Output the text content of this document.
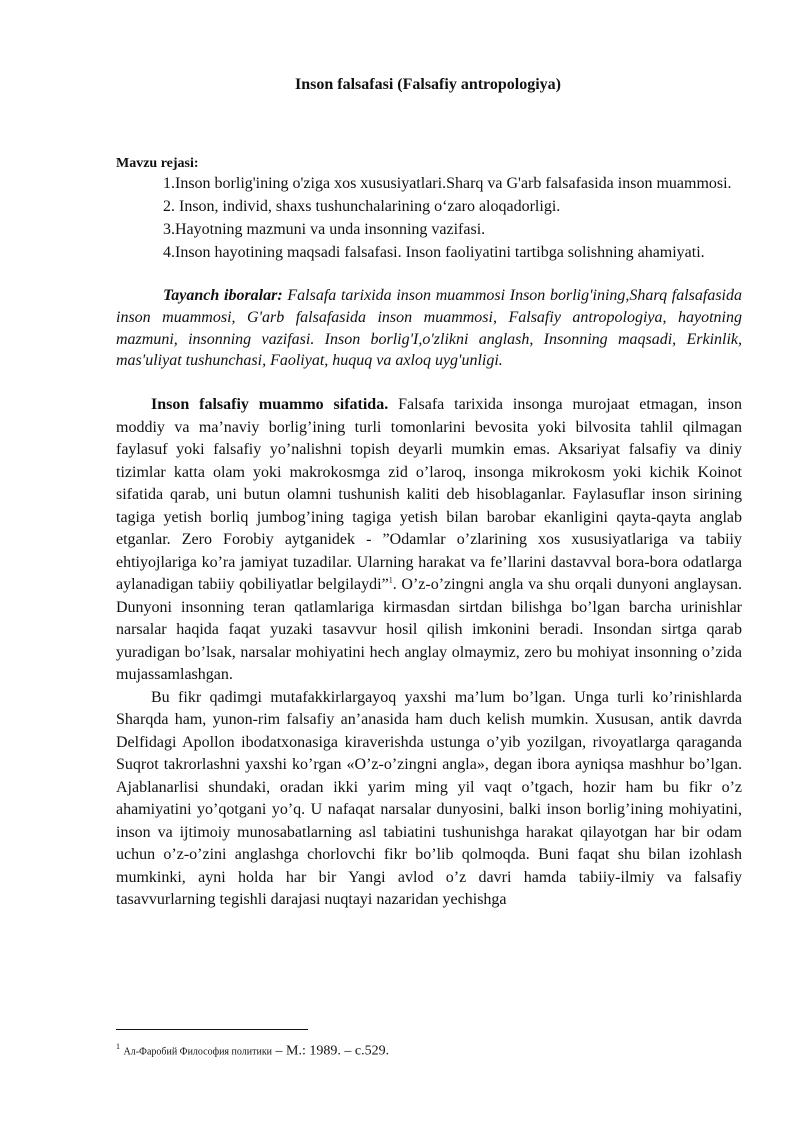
Inson falsafasi (Falsafiy antropologiya)
Mavzu rejasi:

1.Inson borlig'ining o'ziga xos xususiyatlari.Sharq va G'arb falsafasida inson muammosi.

2. Inson, individ, shaxs tushunchalarining o‘zaro aloqadorligi.

3.Hayotning mazmuni va unda insonning vazifasi.

4.Inson hayotining maqsadi falsafasi. Inson faoliyatini tartibga solishning ahamiyati.

Tayanch iboralar: Falsafa tarixida inson muammosi Inson borlig'ining,Sharq falsafasida inson muammosi, G'arb falsafasida inson muammosi, Falsafiy antropologiya, hayotning mazmuni, insonning vazifasi. Inson borlig'I,o'zlikni anglash, Insonning maqsadi, Erkinlik, mas'uliyat tushunchasi, Faoliyat, huquq va axloq uyg'unligi.

Inson falsafiy muammo sifatida. Falsafa tarixida insonga murojaat etmagan, inson moddiy va ma’naviy borlig’ining turli tomonlarini bevosita yoki bilvosita tahlil qilmagan faylasuf yoki falsafiy yo’nalishni topish deyarli mumkin emas. Aksariyat falsafiy va diniy tizimlar katta olam yoki makrokosmga zid o’laroq, insonga mikrokosm yoki kichik Koinot sifatida qarab, uni butun olamni tushunish kaliti deb hisoblaganlar. Faylasuflar inson sirining tagiga yetish borliq jumbog’ining tagiga yetish bilan barobar ekanligini qayta-qayta anglab etganlar. Zero Forobiy aytganidek - ”Odamlar o’zlarining xos xususiyatlariga va tabiiy ehtiyojlariga ko’ra jamiyat tuzadilar. Ularning harakat va fe’llarini dastavval bora-bora odatlarga aylanadigan tabiiy qobiliyatlar belgilaydi”$^1$. O’z-o’zingni angla va shu orqali dunyoni anglaysan. Dunyoni insonning teran qatlamlariga kirmasdan sirtdan bilishga bo’lgan barcha urinishlar narsalar haqida faqat yuzaki tasavvur hosil qilish imkonini beradi. Insondan sirtga qarab yuradigan bo’lsak, narsalar mohiyatini hech anglay olmaymiz, zero bu mohiyat insonning o’zida mujassamlashgan.

Bu fikr qadimgi mutafakkirlargayoq yaxshi ma’lum bo’lgan. Unga turli ko’rinishlarda Sharqda ham, yunon-rim falsafiy an’anasida ham duch kelish mumkin. Xususan, antik davrda Delfidagi Apollon ibodatxonasiga kiraverishda ustunga o’yib yozilgan, rivoyatlarga qaraganda Suqrot takrorlashni yaxshi ko’rgan «O’z-o’zingni angla», degan ibora ayniqsa mashhur bo’lgan. Ajablanarlisi shundaki, oradan ikki yarim ming yil vaqt o’tgach, hozir ham bu fikr o’z ahamiyatini yo’qotgani yo’q. U nafaqat narsalar dunyosini, balki inson borlig’ining mohiyatini, inson va ijtimoiy munosabatlarning asl tabiatini tushunishga harakat qilayotgan har bir odam uchun o’z-o’zini anglashga chorlovchi fikr bo’lib qolmoqda. Buni faqat shu bilan izohlash mumkinki, ayni holda har bir Yangi avlod o’z davri hamda tabiiy-ilmiy va falsafiy tasavvurlarning tegishli darajasi nuqtayi nazaridan yechishga

$^1$ Ал-Фаробий Философия политики – М.: 1989. – с.529.
